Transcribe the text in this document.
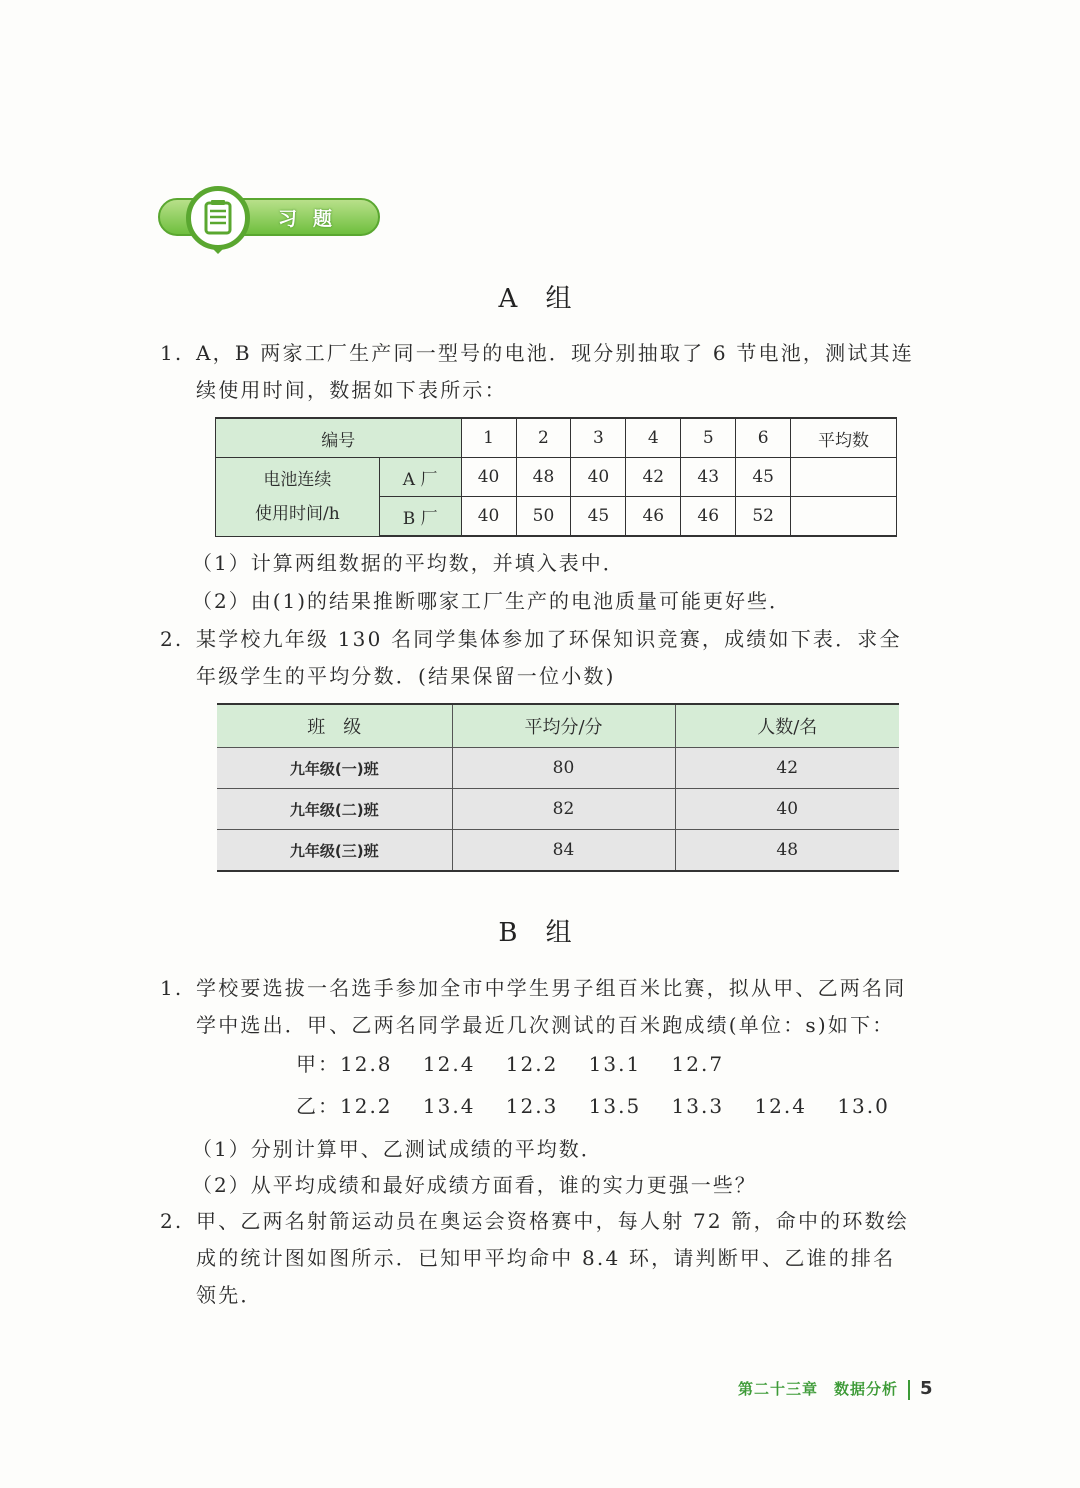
习题
A 组
1. A，B 两家工厂生产同一型号的电池．现分别抽取了 6 节电池，测试其连
续使用时间，数据如下表所示：
编号		1	2	3	4	5	6	平均数

电池连续
使用时间/h	A 厂	40	48	40	42	43	45	
	B 厂	40	50	45	46	46	52	
（1）计算两组数据的平均数，并填入表中．
（2）由(1)的结果推断哪家工厂生产的电池质量可能更好些．
2. 某学校九年级 130 名同学集体参加了环保知识竞赛，成绩如下表．求全
年级学生的平均分数．(结果保留一位小数)
班　级	平均分/分	人数/名
九年级(一)班	80	42
九年级(二)班	82	40
九年级(三)班	84	48
B 组
1. 学校要选拔一名选手参加全市中学生男子组百米比赛，拟从甲、乙两名同
学中选出．甲、乙两名同学最近几次测试的百米跑成绩(单位：s)如下：
甲：12.8　 12.4　 12.2　 13.1　 12.7
乙：12.2　 13.4　 12.3　 13.5　 13.3　 12.4　 13.0
（1）分别计算甲、乙测试成绩的平均数．
（2）从平均成绩和最好成绩方面看，谁的实力更强一些？
2. 甲、乙两名射箭运动员在奥运会资格赛中，每人射 72 箭，命中的环数绘
成的统计图如图所示．已知甲平均命中 8.4 环，请判断甲、乙谁的排名
领先．
第二十三章　数据分析 5
